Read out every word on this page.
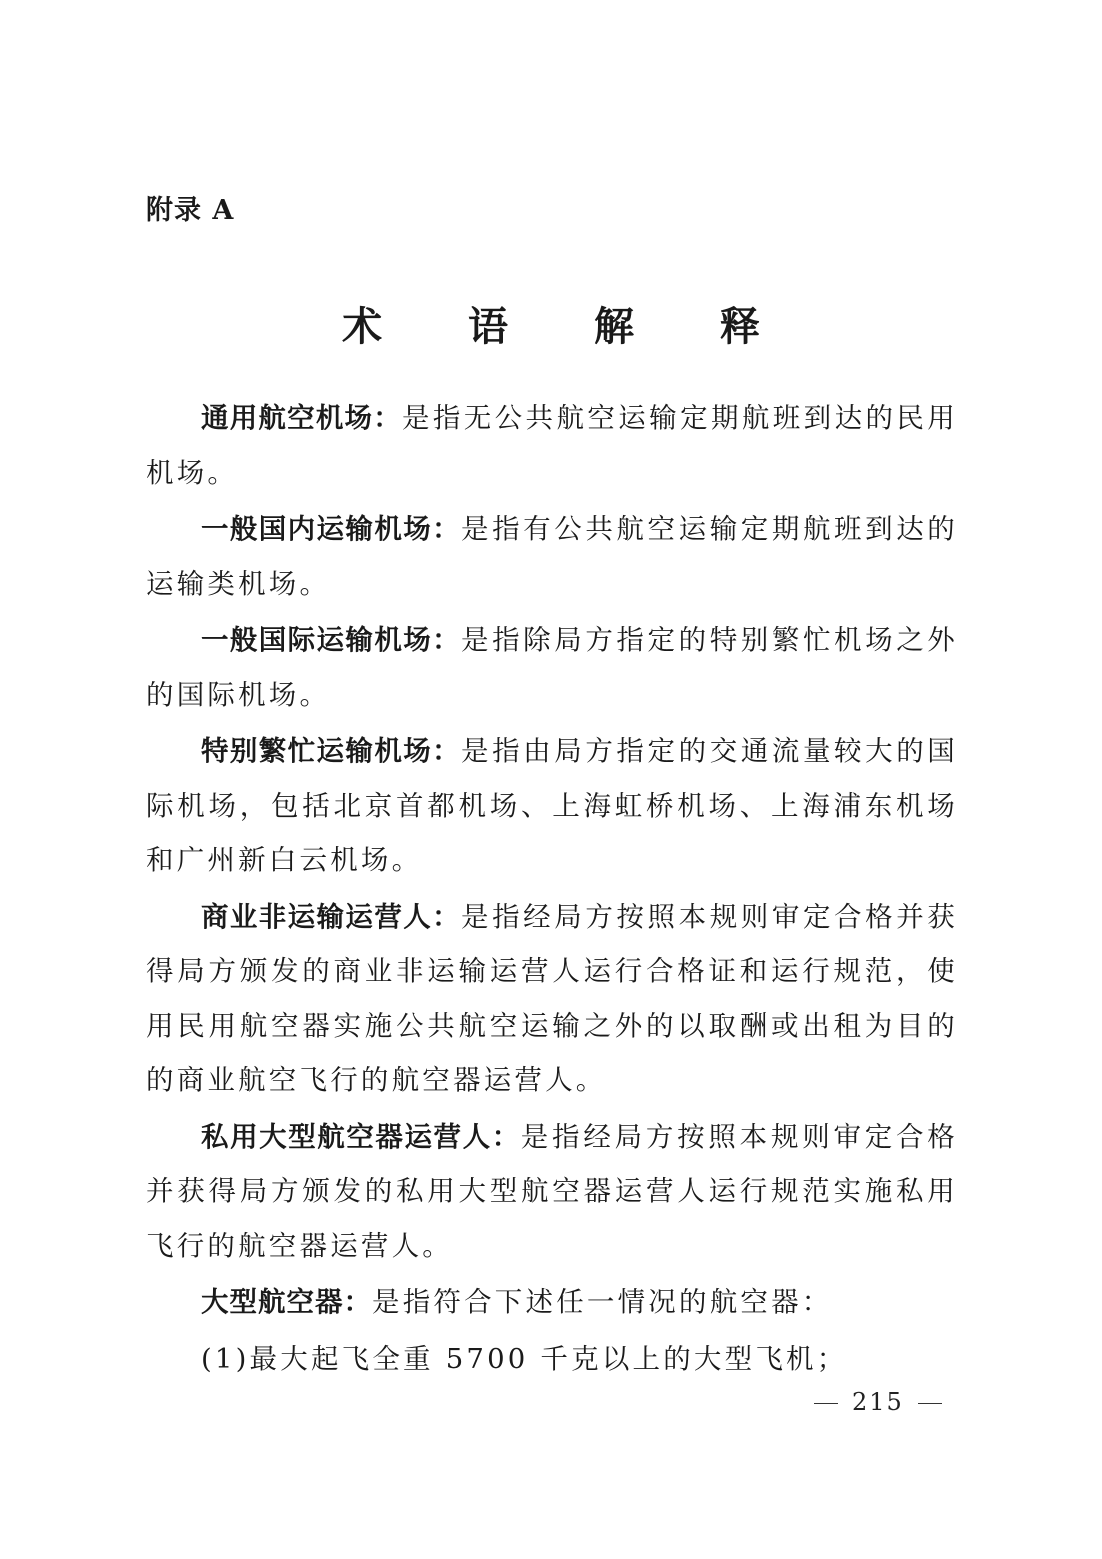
附录 A
术 语 解 释

通用航空机场：是指无公共航空运输定期航班到达的民用机场。

一般国内运输机场：是指有公共航空运输定期航班到达的运输类机场。

一般国际运输机场：是指除局方指定的特别繁忙机场之外的国际机场。

特别繁忙运输机场：是指由局方指定的交通流量较大的国际机场，包括北京首都机场、上海虹桥机场、上海浦东机场和广州新白云机场。

商业非运输运营人：是指经局方按照本规则审定合格并获得局方颁发的商业非运输运营人运行合格证和运行规范，使用民用航空器实施公共航空运输之外的以取酬或出租为目的的商业航空飞行的航空器运营人。

私用大型航空器运营人：是指经局方按照本规则审定合格并获得局方颁发的私用大型航空器运营人运行规范实施私用飞行的航空器运营人。

大型航空器：是指符合下述任一情况的航空器：

(1)最大起飞全重 5700 千克以上的大型飞机；

215
